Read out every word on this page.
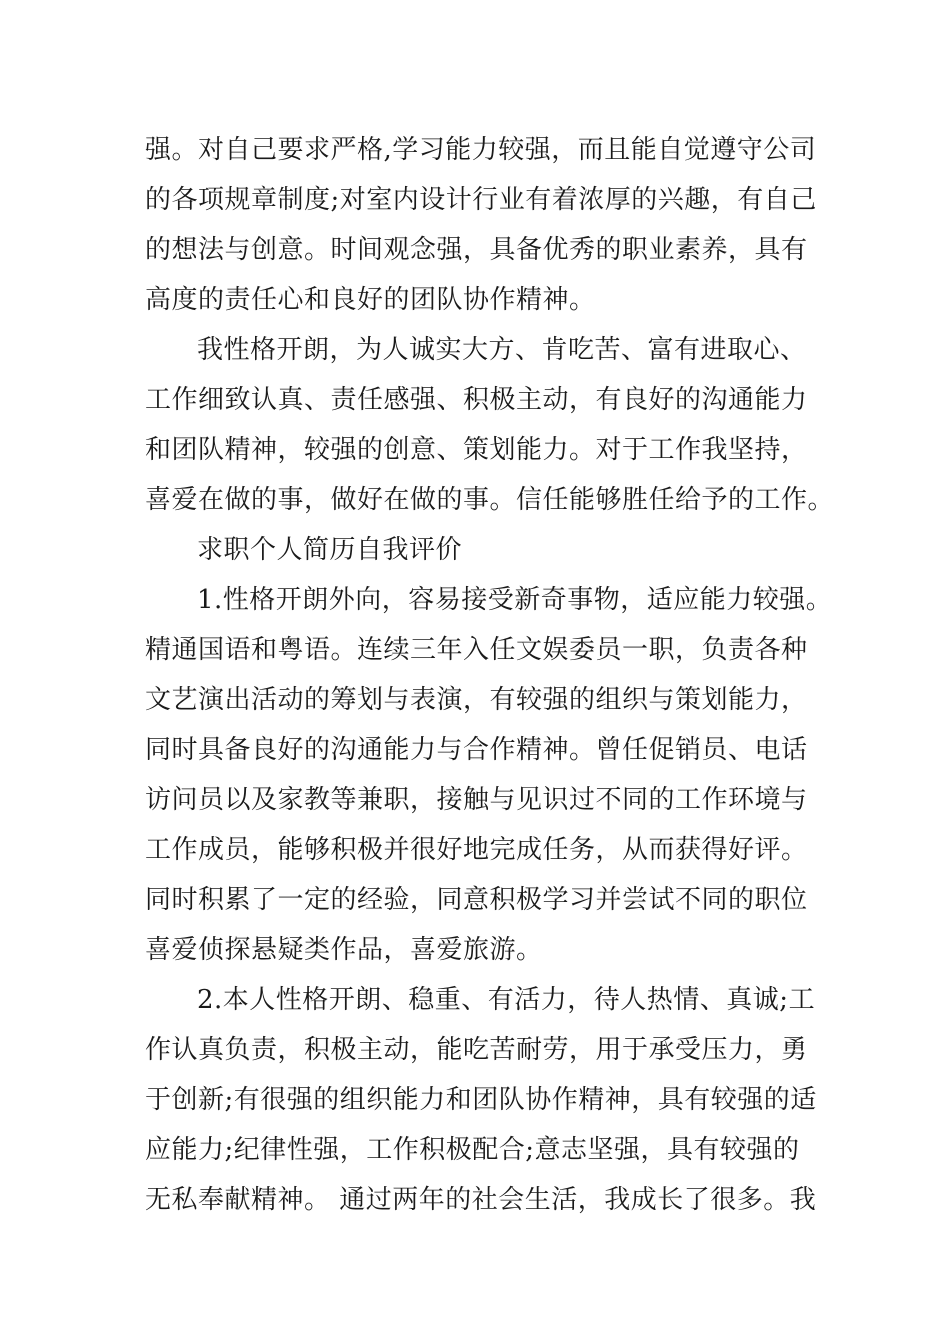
强。对自己要求严格,学习能力较强，而且能自觉遵守公司
的各项规章制度;对室内设计行业有着浓厚的兴趣，有自己
的想法与创意。时间观念强，具备优秀的职业素养，具有
高度的责任心和良好的团队协作精神。
我性格开朗，为人诚实大方、肯吃苦、富有进取心、
工作细致认真、责任感强、积极主动，有良好的沟通能力
和团队精神，较强的创意、策划能力。对于工作我坚持，
喜爱在做的事，做好在做的事。信任能够胜任给予的工作。
求职个人简历自我评价
1.性格开朗外向，容易接受新奇事物，适应能力较强。
精通国语和粤语。连续三年入任文娱委员一职，负责各种
文艺演出活动的筹划与表演，有较强的组织与策划能力，
同时具备良好的沟通能力与合作精神。曾任促销员、电话
访问员以及家教等兼职，接触与见识过不同的工作环境与
工作成员，能够积极并很好地完成任务，从而获得好评。
同时积累了一定的经验，同意积极学习并尝试不同的职位
喜爱侦探悬疑类作品，喜爱旅游。
2.本人性格开朗、稳重、有活力，待人热情、真诚;工
作认真负责，积极主动，能吃苦耐劳，用于承受压力，勇
于创新;有很强的组织能力和团队协作精神，具有较强的适
应能力;纪律性强，工作积极配合;意志坚强，具有较强的
无私奉献精神。 通过两年的社会生活，我成长了很多。我
